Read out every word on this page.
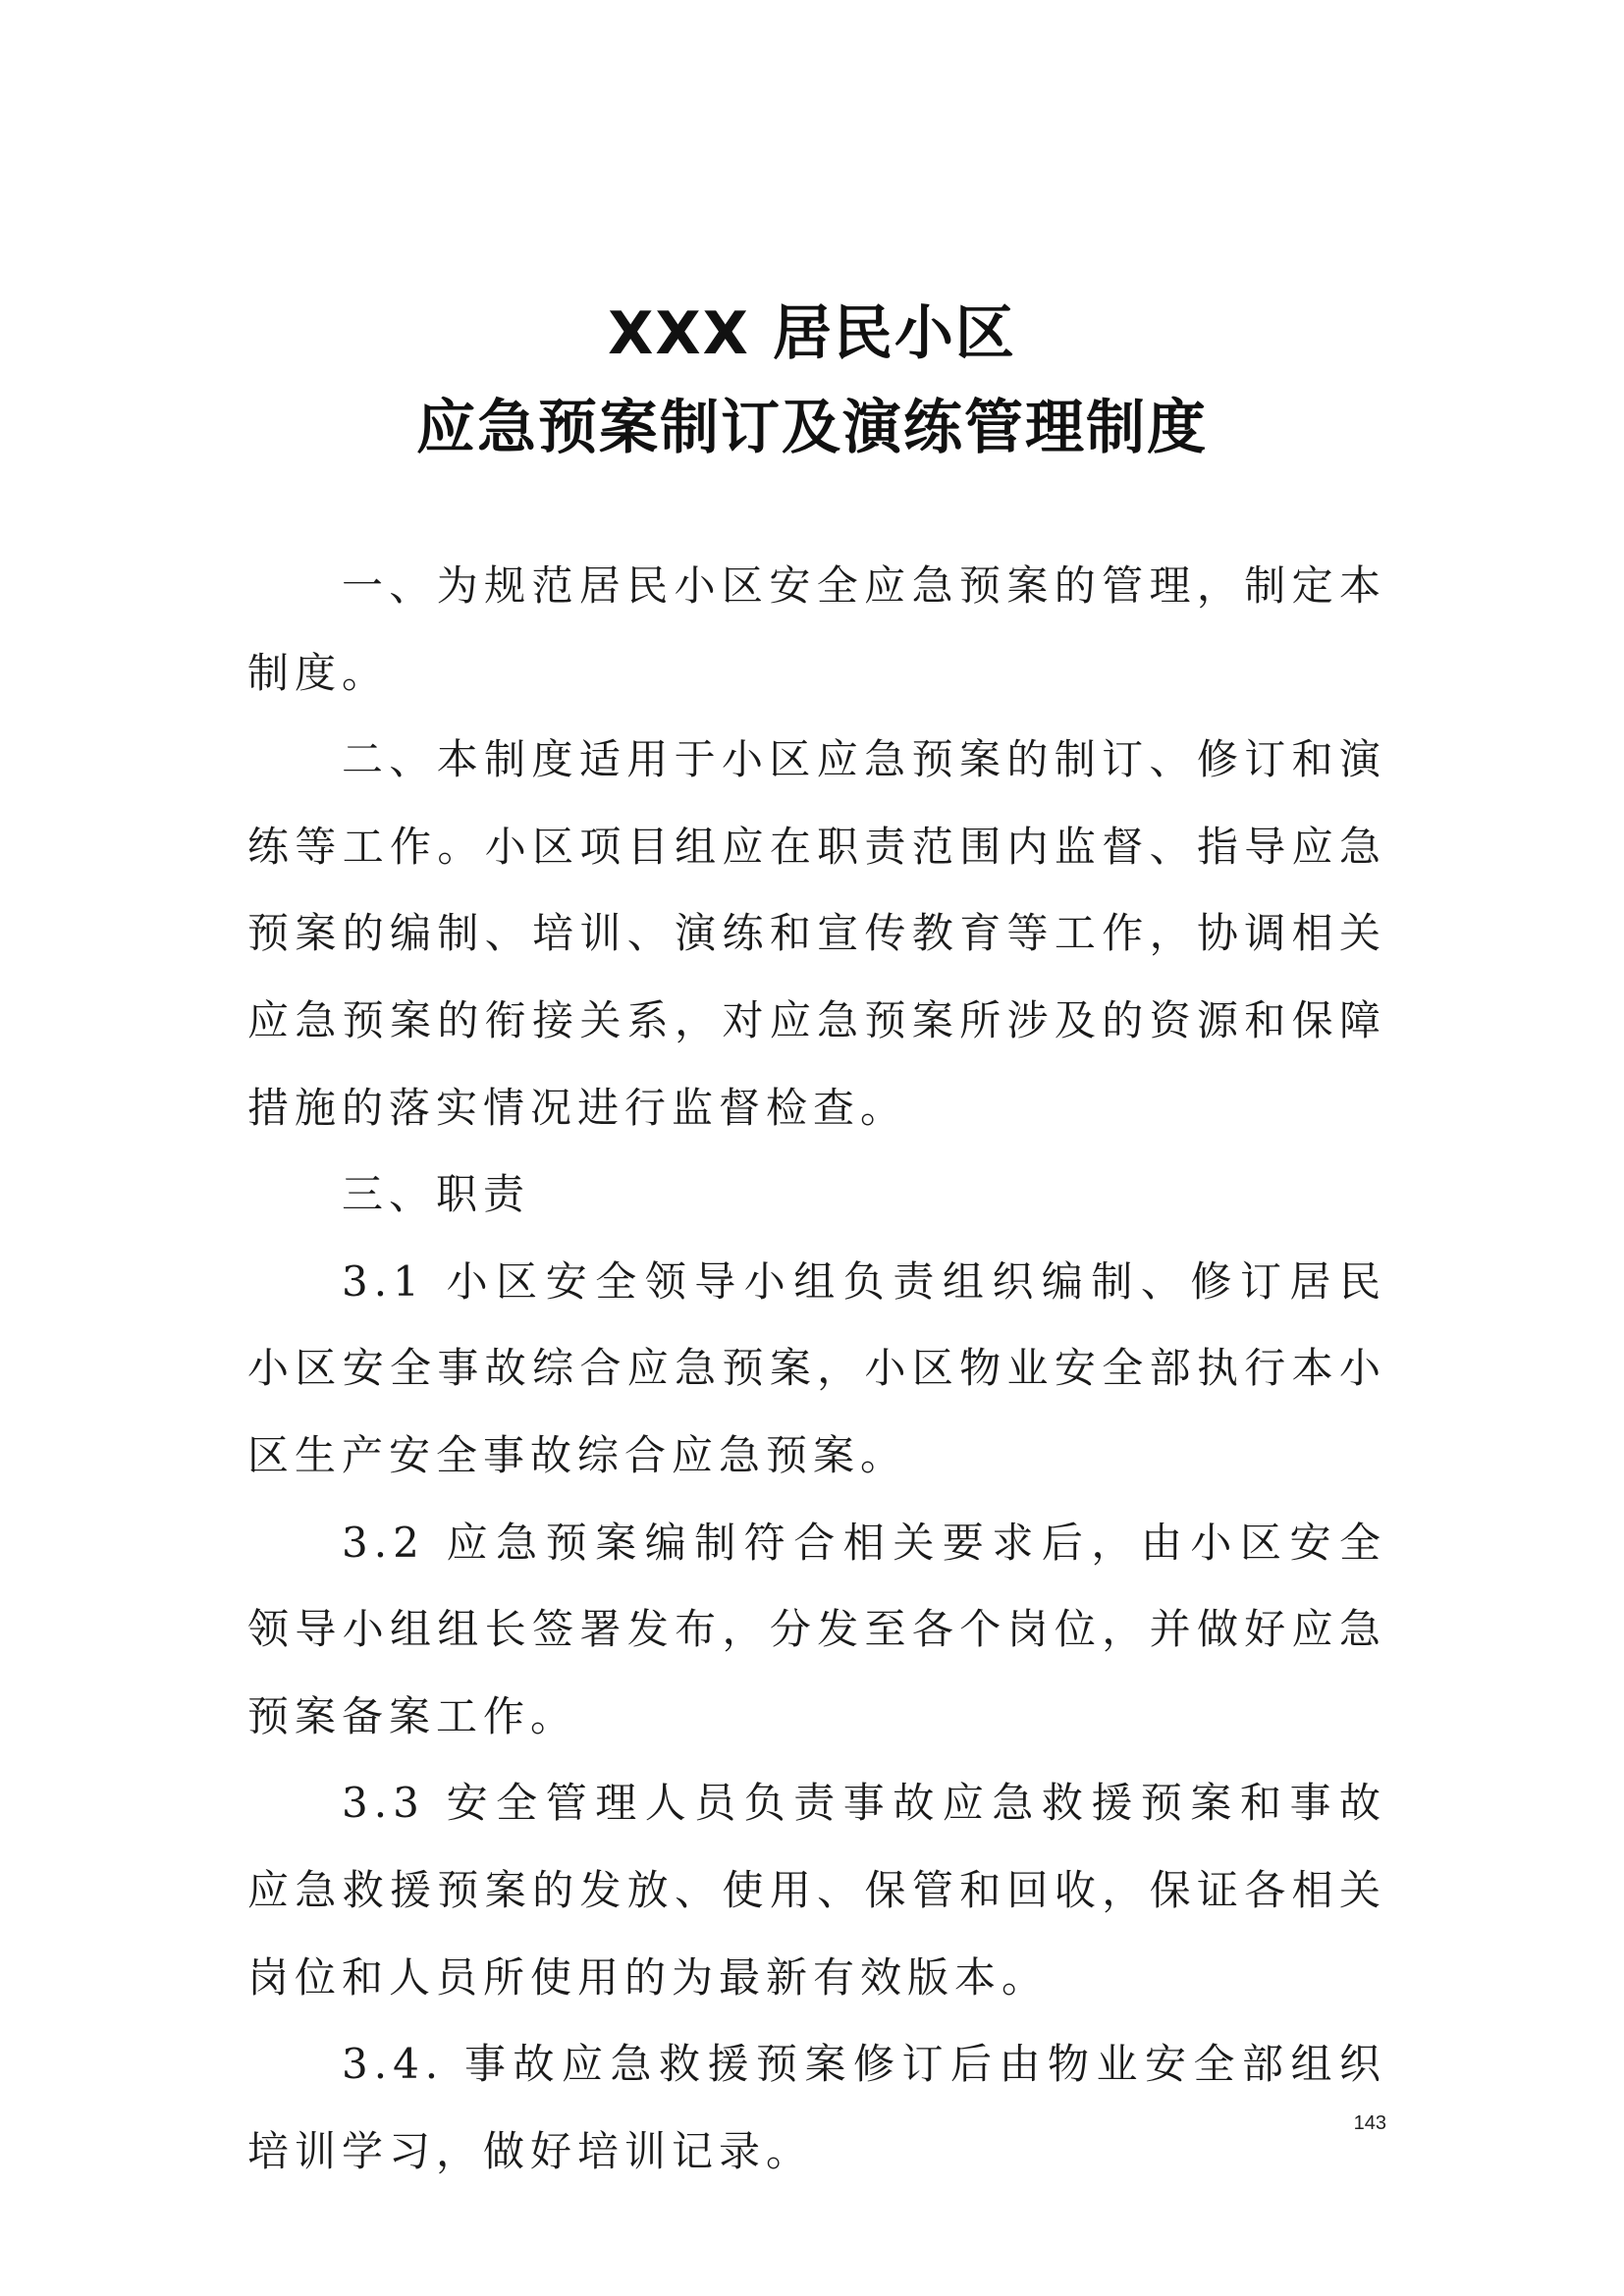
XXX 居民小区
应急预案制订及演练管理制度

一、为规范居民小区安全应急预案的管理，制定本制度。

二、本制度适用于小区应急预案的制订、修订和演练等工作。小区项目组应在职责范围内监督、指导应急预案的编制、培训、演练和宣传教育等工作，协调相关应急预案的衔接关系，对应急预案所涉及的资源和保障措施的落实情况进行监督检查。

三、职责

3.1 小区安全领导小组负责组织编制、修订居民小区安全事故综合应急预案，小区物业安全部执行本小区生产安全事故综合应急预案。

3.2 应急预案编制符合相关要求后，由小区安全领导小组组长签署发布，分发至各个岗位，并做好应急预案备案工作。

3.3 安全管理人员负责事故应急救援预案和事故应急救援预案的发放、使用、保管和回收，保证各相关岗位和人员所使用的为最新有效版本。

3.4. 事故应急救援预案修订后由物业安全部组织培训学习，做好培训记录。

143
